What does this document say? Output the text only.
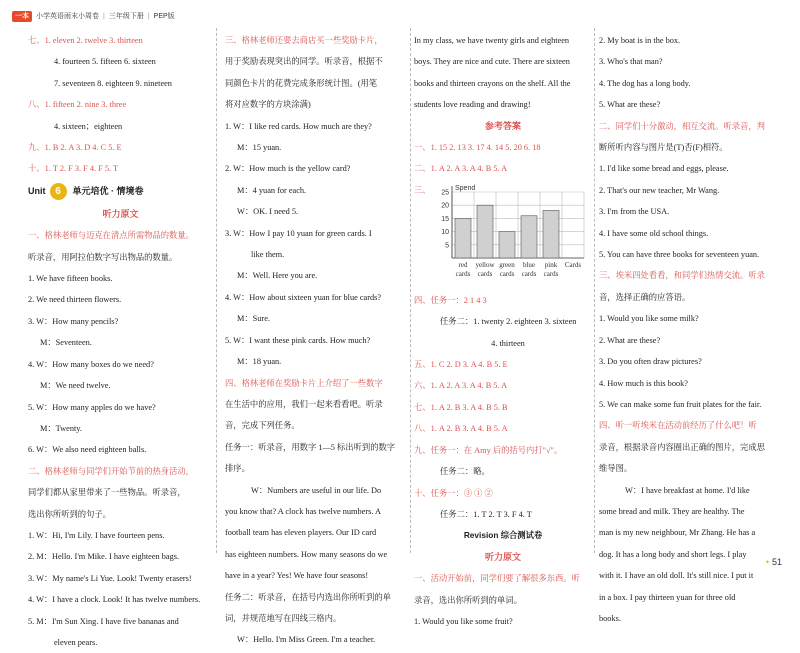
一本	小学英语雨末小周卷 | 三年级下册 | PEP版
七、1. eleven 2. twelve 3. thirteen
4. fourteen 5. fifteen 6. sixteen
7. seventeen 8. eighteen 9. nineteen
八、1. fifteen 2. nine 3. three
4. sixteen；eighteen
九、1. B 2. A 3. D 4. C 5. E
十、1. T 2. F 3. F 4. F 5. T
Unit 6	单元培优 · 情境卷
听力原文
一、格林老师与迈克在清点所需物品的数量。
听录音，用阿拉伯数字写出物品的数量。
1. We have fifteen books.
2. We need thirteen flowers.
3. W：How many pencils?
M：Seventeen.
4. W：How many boxes do we need?
M：We need twelve.
5. W：How many apples do we have?
M：Twenty.
6. W：We also need eighteen balls.
二、格林老师与同学们开始节前的热身活动，
同学们都从家里带来了一些物品。听录音，
选出你所听到的句子。
1. W：Hi, I'm Lily. I have fourteen pens.
2. M：Hello. I'm Mike. I have eighteen bags.
3. W：My name's Li Yue. Look! Twenty erasers!
4. W：I have a clock. Look! It has twelve numbers.
5. M：I'm Sun Xing. I have five bananas and
eleven pears.
三、格林老师还要去商店买一些奖励卡片，
用于奖励表现突出的同学。听录音，根据不
同颜色卡片的花费完成条形统计图。(用笔
将对应数字的方块涂满)
1. W：I like red cards. How much are they?
M：15 yuan.
2. W：How much is the yellow card?
M：4 yuan for each.
W：OK. I need 5.
3. W：How I pay 10 yuan for green cards. I
like them.
M：Well. Here you are.
4. W：How about sixteen yuan for blue cards?
M：Sure.
5. W：I want these pink cards. How much?
M：18 yuan.
四、格林老师在奖励卡片上介绍了一些数字
在生活中的应用，我们一起来看看吧。听录
音，完成下列任务。
任务一：听录音，用数字 1—5 标出听到的数字
排序。
W：Numbers are useful in our life. Do
you know that? A clock has twelve numbers. A
football team has eleven players. Our ID card
has eighteen numbers. How many seasons do we
have in a year? Yes! We have four seasons!
任务二：听录音，在括号内选出你所听到的单
词，并规范地写在四线三格内。
W：Hello. I'm Miss Green. I'm a teacher.
In my class, we have twenty girls and eighteen
boys. They are nice and cute. There are sixteen
books and thirteen crayons on the shelf. All the
students love reading and drawing!
参考答案
一、1. 15 2. 13 3. 17 4. 14 5. 20 6. 18
二、1. A 2. A 3. A 4. B 5. A
三、
5
10
15
20
25
Spend
red
cards
yellow
cards
green
cards
blue
cards
pink
cards
Cards
四、任务一：2 1 4 3
任务二：1. twenty 2. eighteen 3. sixteen
4. thirteen
五、1. C 2. D 3. A 4. B 5. E
六、1. A 2. A 3. A 4. B 5. A
七、1. A 2. B 3. A 4. B 5. B
八、1. A 2. B 3. A 4. B 5. A
九、任务一：在 Amy 后的括号内打"√"。
任务二：略。
十、任务一：③ ① ②
任务二：1. T 2. T 3. F 4. T
Revision 综合测试卷
听力原文
一、活动开始前，同学们要了解很多东西。听
录音，选出你所听到的单词。
1. Would you like some fruit?
2. My boat is in the box.
3. Who's that man?
4. The dog has a long body.
5. What are these?
二、同学们十分激动，相互交流。听录音，判
断所听内容与图片是(T)否(F)相符。
1. I'd like some bread and eggs, please.
2. That's our new teacher, Mr Wang.
3. I'm from the USA.
4. I have some old school things.
5. You can have three books for seventeen yuan.
三、埃米四处看看，和同学们热情交流。听录
音，选择正确的应答语。
1. Would you like some milk?
2. What are these?
3. Do you often draw pictures?
4. How much is this book?
5. We can make some fun fruit plates for the fair.
四、听一听埃米在活动前经历了什么吧！听
录音，根据录音内容圈出正确的图片，完成思
维导图。
W：I have breakfast at home. I'd like
some bread and milk. They are healthy. The
man is my new neighbour, Mr Zhang. He has a
dog. It has a long body and short legs. I play
with it. I have an old doll. It's still nice. I put it
in a box. I pay thirteen yuan for three old
books.
• 51
